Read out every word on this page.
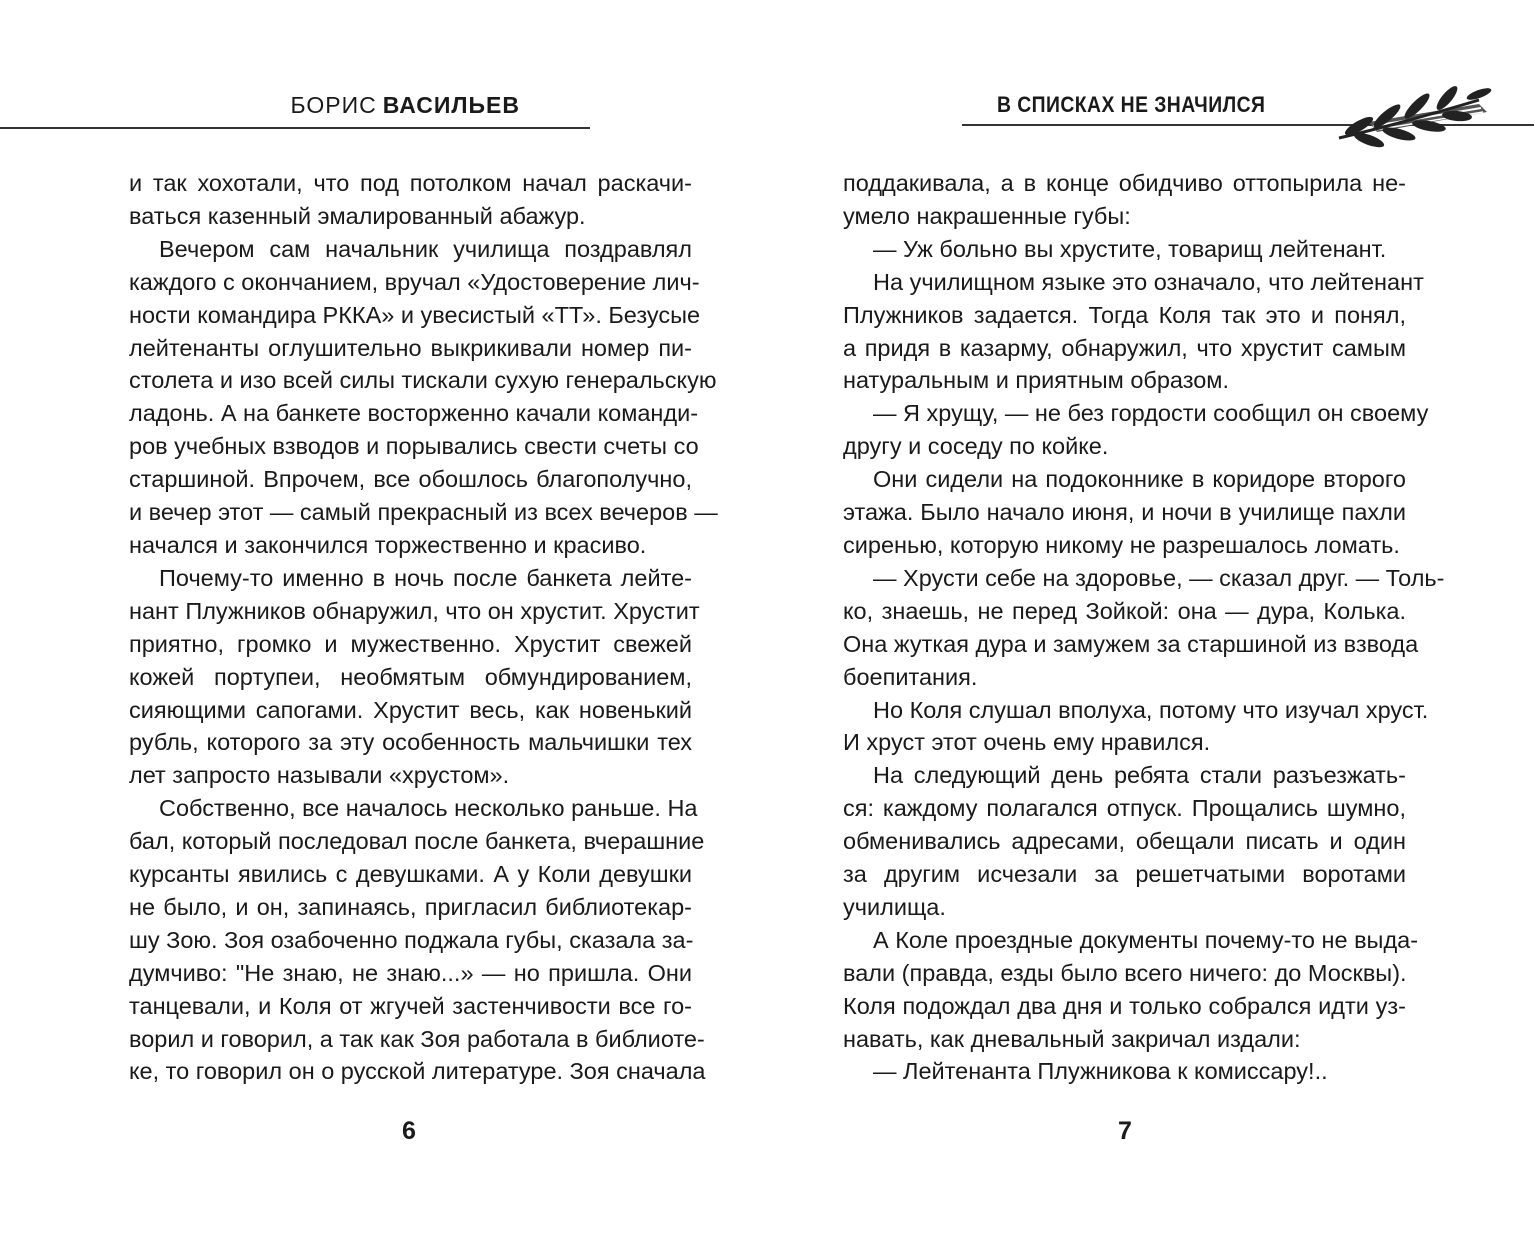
БОРИС ВАСИЛЬЕВ
и так хохотали, что под потолком начал раскачи-
ваться казенный эмалированный абажур.
Вечером сам начальник училища поздравлял
каждого с окончанием, вручал «Удостоверение лич-
ности командира РККА» и увесистый «ТТ». Безусые
лейтенанты оглушительно выкрикивали номер пи-
столета и изо всей силы тискали сухую генеральскую
ладонь. А на банкете восторженно качали команди-
ров учебных взводов и порывались свести счеты со
старшиной. Впрочем, все обошлось благополучно,
и вечер этот — самый прекрасный из всех вечеров —
начался и закончился торжественно и красиво.
Почему-то именно в ночь после банкета лейте-
нант Плужников обнаружил, что он хрустит. Хрустит
приятно, громко и мужественно. Хрустит свежей
кожей портупеи, необмятым обмундированием,
сияющими сапогами. Хрустит весь, как новенький
рубль, которого за эту особенность мальчишки тех
лет запросто называли «хрустом».
Собственно, все началось несколько раньше. На
бал, который последовал после банкета, вчерашние
курсанты явились с девушками. А у Коли девушки
не было, и он, запинаясь, пригласил библиотекар-
шу Зою. Зоя озабоченно поджала губы, сказала за-
думчиво: "Не знаю, не знаю...» — но пришла. Они
танцевали, и Коля от жгучей застенчивости все го-
ворил и говорил, а так как Зоя работала в библиоте-
ке, то говорил он о русской литературе. Зоя сначала
6
В СПИСКАХ НЕ ЗНАЧИЛСЯ
поддакивала, а в конце обидчиво оттопырила не-
умело накрашенные губы:
— Уж больно вы хрустите, товарищ лейтенант.
На училищном языке это означало, что лейтенант
Плужников задается. Тогда Коля так это и понял,
а придя в казарму, обнаружил, что хрустит самым
натуральным и приятным образом.
— Я хрущу, — не без гордости сообщил он своему
другу и соседу по койке.
Они сидели на подоконнике в коридоре второго
этажа. Было начало июня, и ночи в училище пахли
сиренью, которую никому не разрешалось ломать.
— Хрусти себе на здоровье, — сказал друг. — Толь-
ко, знаешь, не перед Зойкой: она — дура, Колька.
Она жуткая дура и замужем за старшиной из взвода
боепитания.
Но Коля слушал вполуха, потому что изучал хруст.
И хруст этот очень ему нравился.
На следующий день ребята стали разъезжать-
ся: каждому полагался отпуск. Прощались шумно,
обменивались адресами, обещали писать и один
за другим исчезали за решетчатыми воротами
училища.
А Коле проездные документы почему-то не выда-
вали (правда, езды было всего ничего: до Москвы).
Коля подождал два дня и только собрался идти уз-
навать, как дневальный закричал издали:
— Лейтенанта Плужникова к комиссару!..
7
